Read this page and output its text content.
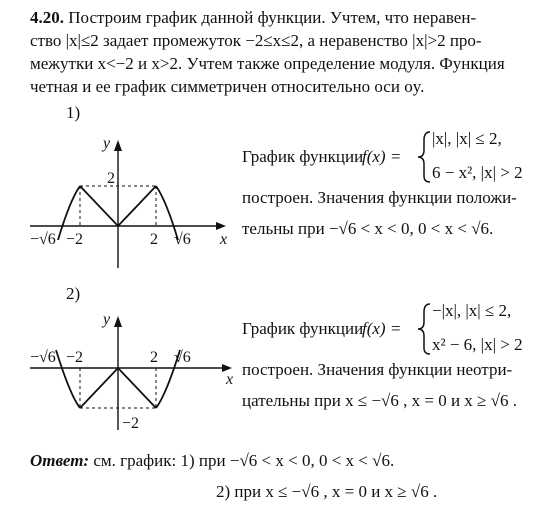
4.20. Построим график данной функции. Учтем, что неравен-
ство |x|≤2 задает промежуток −2≤x≤2, а неравенство |x|>2 про-
межутки x<−2 и x>2. Учтем также определение модуля. Функция
четная и ее график симметричен относительно оси oy.
1)
y
x
2
−2	2
−√6	√6
y
x
−√6 −2	2 √6
−2
График функции
f(x) =
|x|, |x| ≤ 2,
6 − x², |x| > 2
построен. Значения функции положи-
тельны при −√6 < x < 0, 0 < x < √6.
2)
График функции
f(x) =
−|x|, |x| ≤ 2,
x² − 6, |x| > 2
построен. Значения функции неотри-
цательны при x ≤ −√6 , x = 0 и x ≥ √6 .
Ответ: см. график: 1) при −√6 < x < 0, 0 < x < √6.
2) при x ≤ −√6 , x = 0 и x ≥ √6 .
